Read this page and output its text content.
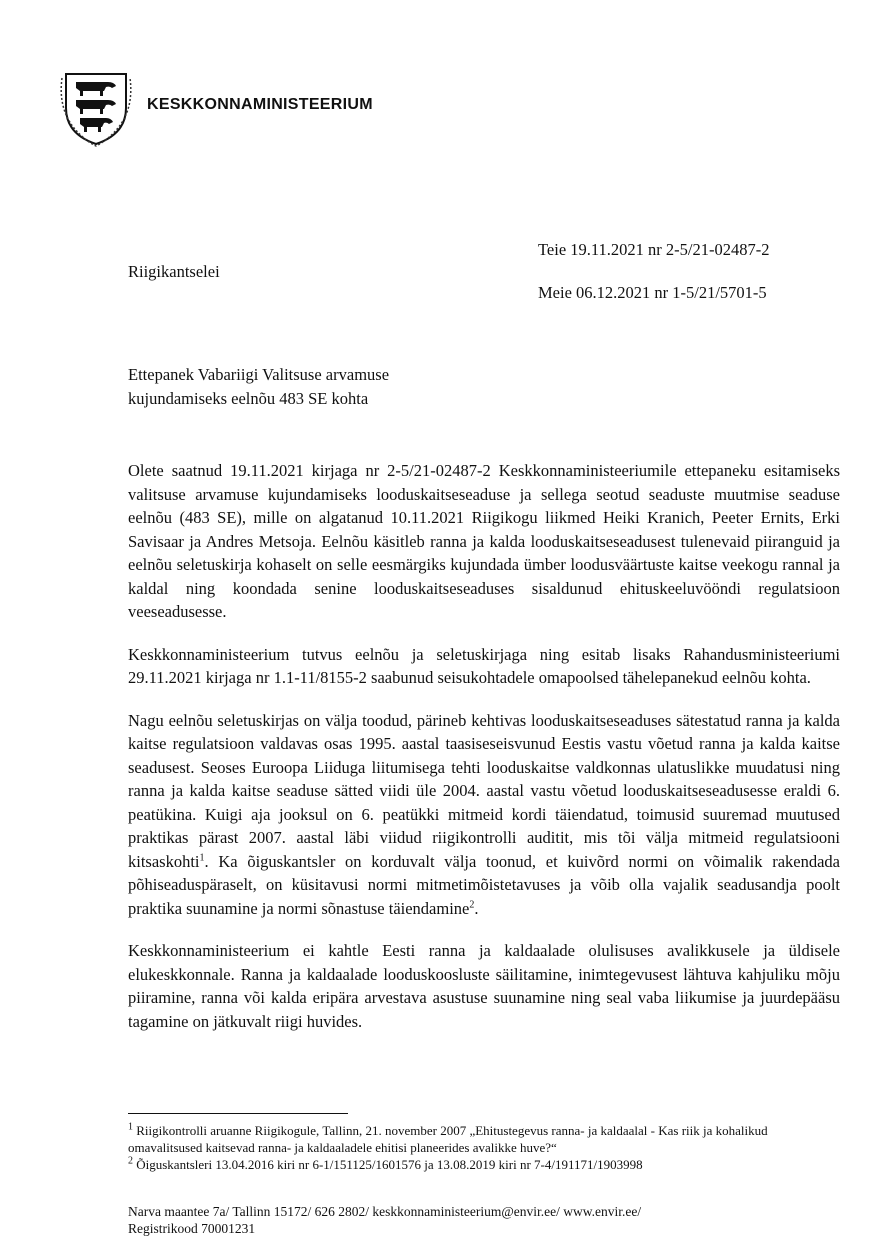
KESKKONNAMINISTEERIUM
Teie 19.11.2021 nr 2-5/21-02487-2
Riigikantselei
Meie 06.12.2021 nr 1-5/21/5701-5
Ettepanek Vabariigi Valitsuse arvamuse
kujundamiseks eelnõu 483 SE kohta

Olete saatnud 19.11.2021 kirjaga nr 2-5/21-02487-2 Keskkonnaministeeriumile ettepaneku esitamiseks valitsuse arvamuse kujundamiseks looduskaitseseaduse ja sellega seotud seaduste muutmise seaduse eelnõu (483 SE), mille on algatanud 10.11.2021 Riigikogu liikmed Heiki Kranich, Peeter Ernits, Erki Savisaar ja Andres Metsoja. Eelnõu käsitleb ranna ja kalda looduskaitseseadusest tulenevaid piiranguid ja eelnõu seletuskirja kohaselt on selle eesmärgiks kujundada ümber loodusväärtuste kaitse veekogu rannal ja kaldal ning koondada senine looduskaitseseaduses sisaldunud ehituskeeluvööndi regulatsioon veeseadusesse.

Keskkonnaministeerium tutvus eelnõu ja seletuskirjaga ning esitab lisaks Rahandusministeeriumi 29.11.2021 kirjaga nr 1.1-11/8155-2 saabunud seisukohtadele omapoolsed tähelepanekud eelnõu kohta.

Nagu eelnõu seletuskirjas on välja toodud, pärineb kehtivas looduskaitseseaduses sätestatud ranna ja kalda kaitse regulatsioon valdavas osas 1995. aastal taasiseseisvunud Eestis vastu võetud ranna ja kalda kaitse seadusest. Seoses Euroopa Liiduga liitumisega tehti looduskaitse valdkonnas ulatuslikke muudatusi ning ranna ja kalda kaitse seaduse sätted viidi üle 2004. aastal vastu võetud looduskaitseseadusesse eraldi 6. peatükina. Kuigi aja jooksul on 6. peatükki mitmeid kordi täiendatud, toimusid suuremad muutused praktikas pärast 2007. aastal läbi viidud riigikontrolli auditit, mis tõi välja mitmeid regulatsiooni kitsaskohti$^1$. Ka õiguskantsler on korduvalt välja toonud, et kuivõrd normi on võimalik rakendada põhiseaduspäraselt, on küsitavusi normi mitmetimõistetavuses ja võib olla vajalik seadusandja poolt praktika suunamine ja normi sõnastuse täiendamine$^2$.

Keskkonnaministeerium ei kahtle Eesti ranna ja kaldaalade olulisuses avalikkusele ja üldisele elukeskkonnale. Ranna ja kaldaalade looduskoosluste säilitamine, inimtegevusest lähtuva kahjuliku mõju piiramine, ranna või kalda eripära arvestava asustuse suunamine ning seal vaba liikumise ja juurdepääsu tagamine on jätkuvalt riigi huvides.

$^1$ Riigikontrolli aruanne Riigikogule, Tallinn, 21. november 2007 „Ehitustegevus ranna- ja kaldaalal - Kas riik ja kohalikud omavalitsused kaitsevad ranna- ja kaldaaladele ehitisi planeerides avalikke huve?“

$^2$ Õiguskantsleri 13.04.2016 kiri nr 6-1/151125/1601576 ja 13.08.2019 kiri nr 7-4/191171/1903998

Narva maantee 7a/ Tallinn 15172/ 626 2802/ keskkonnaministeerium@envir.ee/ www.envir.ee/
Registrikood 70001231
